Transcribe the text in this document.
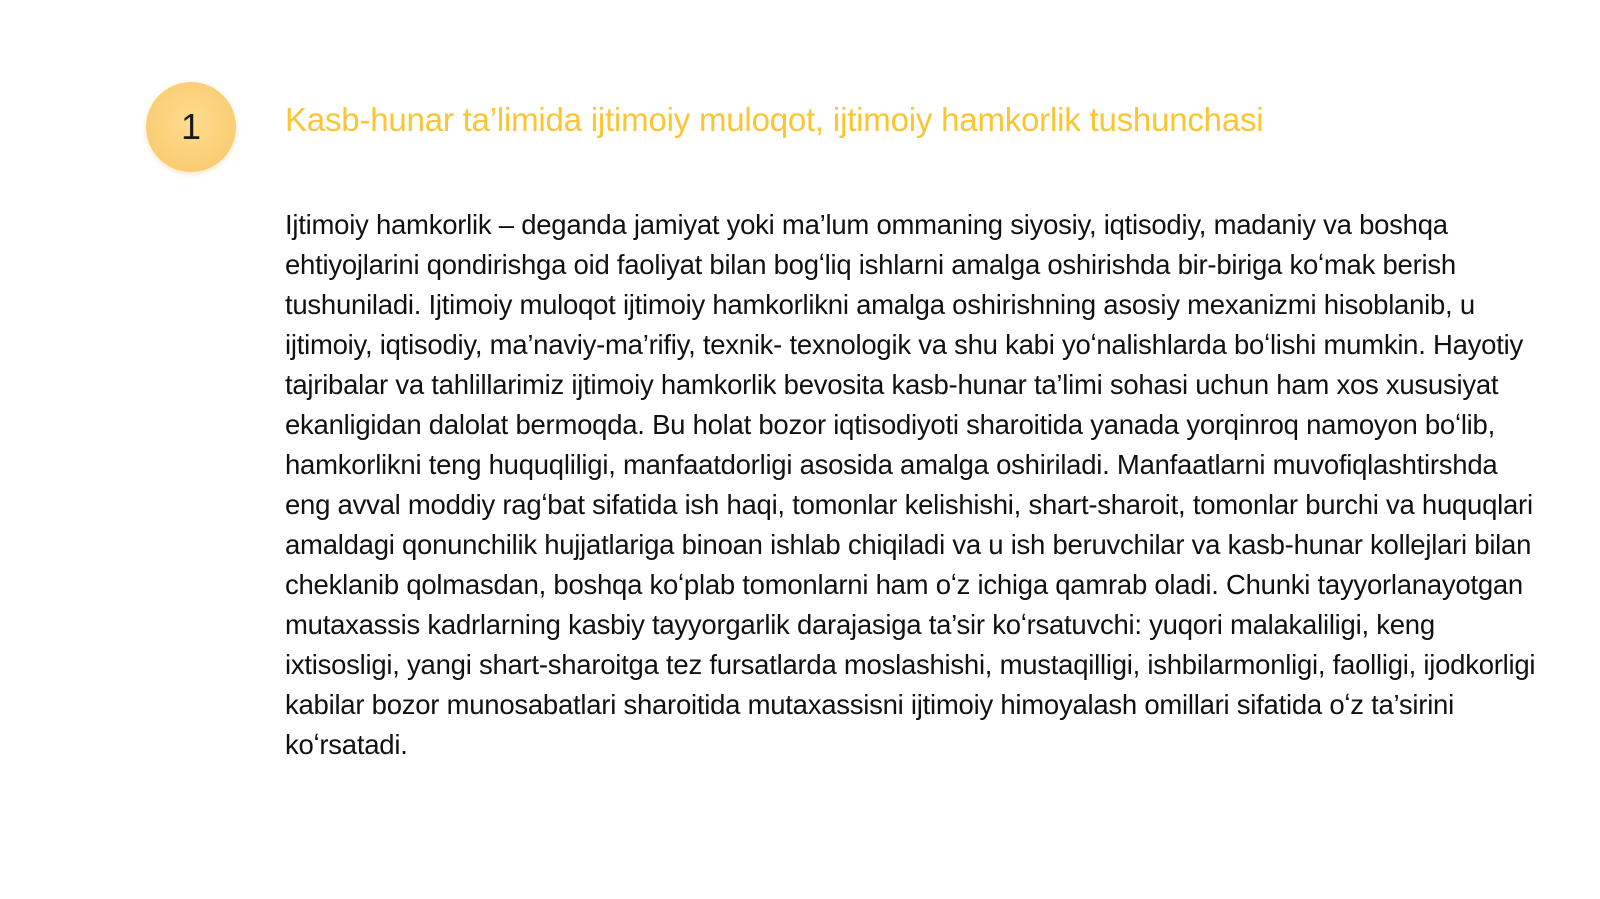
1	Kasb-hunar ta’limida ijtimoiy muloqot, ijtimoiy hamkorlik tushunchasi

Ijtimoiy hamkorlik – deganda jamiyat yoki ma’lum ommaning siyosiy, iqtisodiy, madaniy va boshqa ehtiyojlarini qondirishga oid faoliyat bilan bogʻliq ishlarni amalga oshirishda bir-biriga koʻmak berish tushuniladi. Ijtimoiy muloqot ijtimoiy hamkorlikni amalga oshirishning asosiy mexanizmi hisoblanib, u ijtimoiy, iqtisodiy, ma’naviy-ma’rifiy, texnik- texnologik va shu kabi yoʻnalishlarda boʻlishi mumkin. Hayotiy tajribalar va tahlillarimiz ijtimoiy hamkorlik bevosita kasb-hunar ta’limi sohasi uchun ham xos xususiyat ekanligidan dalolat bermoqda. Bu holat bozor iqtisodiyoti sharoitida yanada yorqinroq namoyon boʻlib, hamkorlikni teng huquqliligi, manfaatdorligi asosida amalga oshiriladi. Manfaatlarni muvofiqlashtirshda eng avval moddiy ragʻbat sifatida ish haqi, tomonlar kelishishi, shart-sharoit, tomonlar burchi va huquqlari amaldagi qonunchilik hujjatlariga binoan ishlab chiqiladi va u ish beruvchilar va kasb-hunar kollejlari bilan cheklanib qolmasdan, boshqa koʻplab tomonlarni ham oʻz ichiga qamrab oladi. Chunki tayyorlanayotgan mutaxassis kadrlarning kasbiy tayyorgarlik darajasiga ta’sir koʻrsatuvchi: yuqori malakaliligi, keng ixtisosligi, yangi shart-sharoitga tez fursatlarda moslashishi, mustaqilligi, ishbilarmonligi, faolligi, ijodkorligi kabilar bozor munosabatlari sharoitida mutaxassisni ijtimoiy himoyalash omillari sifatida oʻz ta’sirini koʻrsatadi.
